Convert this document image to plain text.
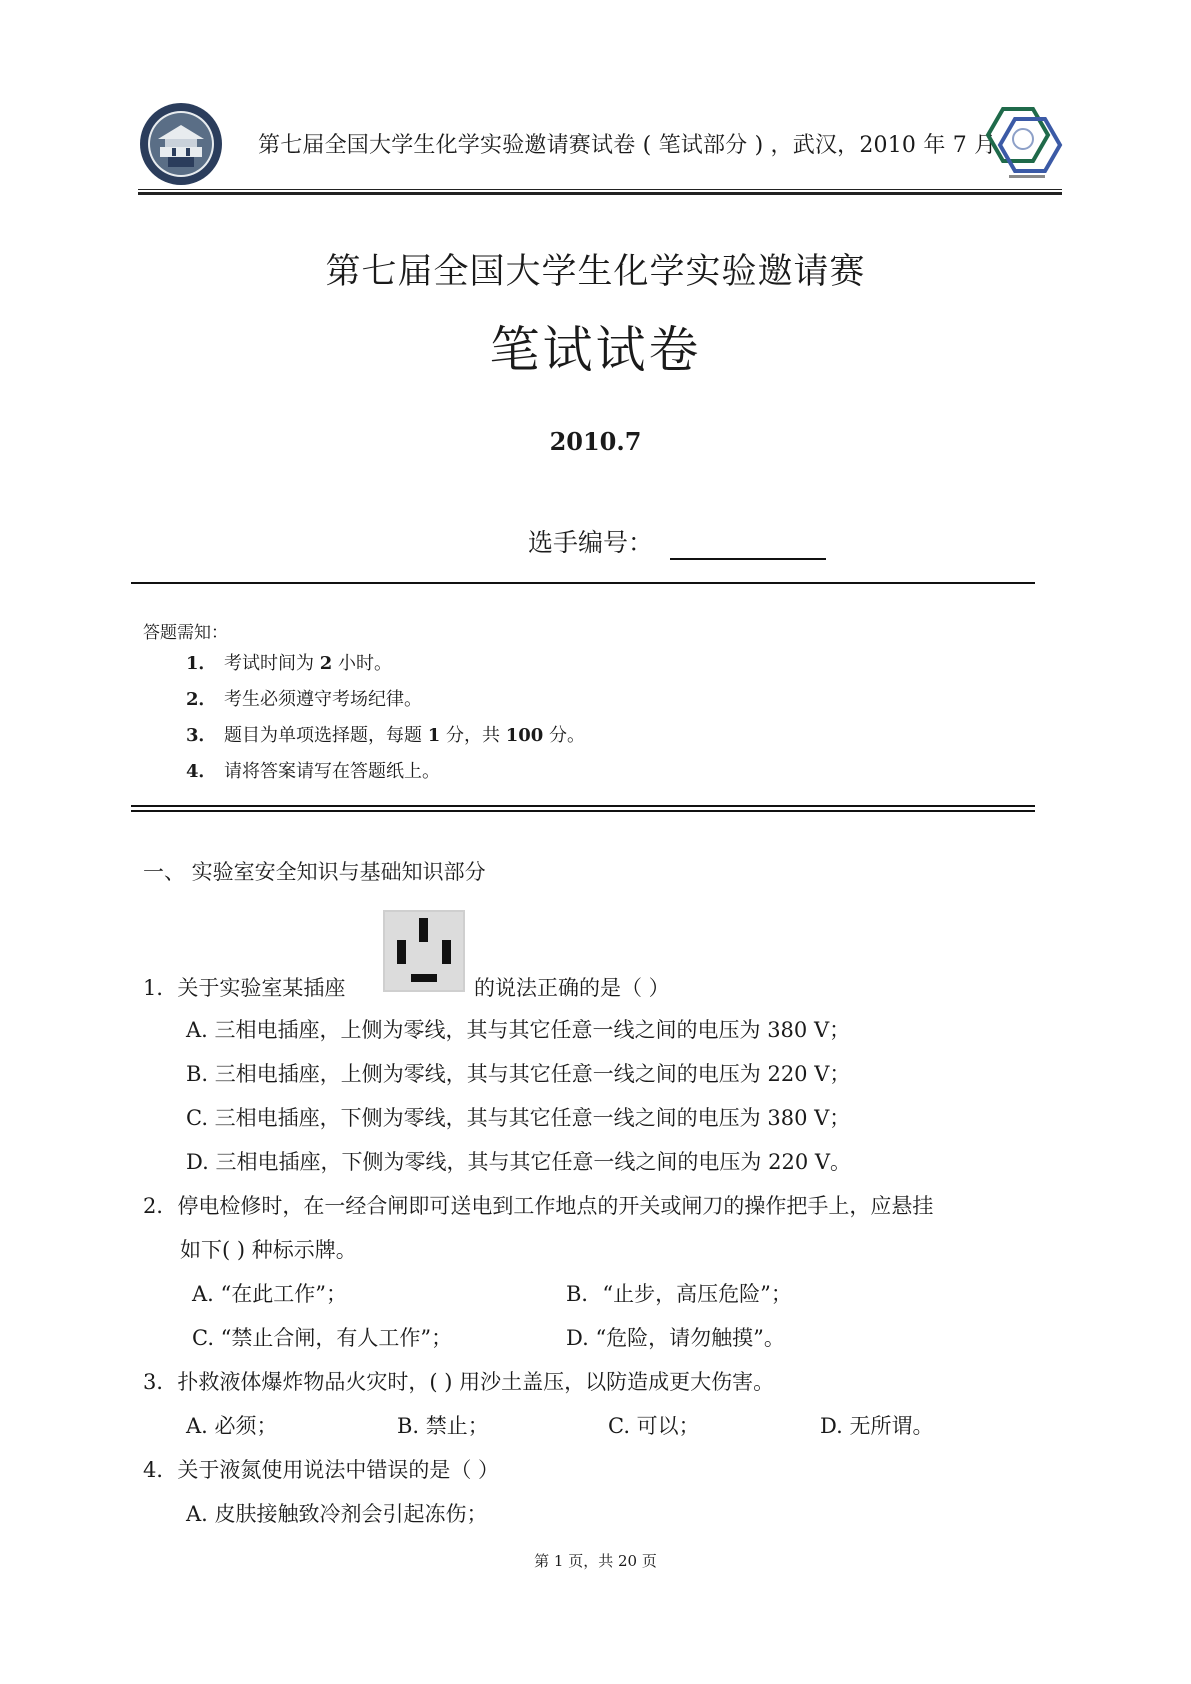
第七届全国大学生化学实验邀请赛试卷 ( 笔试部分 ) ，武汉，2010 年 7 月
第七届全国大学生化学实验邀请赛
笔试试卷
2010.7
选手编号：
答题需知：
1． 考试时间为 2 小时。
2． 考生必须遵守考场纪律。
3． 题目为单项选择题，每题 1 分，共 100 分。
4． 请将答案请写在答题纸上。
一、 实验室安全知识与基础知识部分
1．关于实验室某插座	的说法正确的是（ ）
A. 三相电插座，上侧为零线，其与其它任意一线之间的电压为 380 V；
B. 三相电插座，上侧为零线，其与其它任意一线之间的电压为 220 V；
C. 三相电插座，下侧为零线，其与其它任意一线之间的电压为 380 V；
D. 三相电插座，下侧为零线，其与其它任意一线之间的电压为 220 V。
2．停电检修时，在一经合闸即可送电到工作地点的开关或闸刀的操作把手上，应悬挂
如下( ) 种标示牌。
A. “在此工作”；	B．“止步，高压危险”；
C. “禁止合闸，有人工作”；	D. “危险，请勿触摸”。
3．扑救液体爆炸物品火灾时，( ) 用沙土盖压，以防造成更大伤害。
A. 必须；	B. 禁止；	C. 可以；	D. 无所谓。
4．关于液氮使用说法中错误的是（ ）
A. 皮肤接触致冷剂会引起冻伤；
第 1 页，共 20 页
